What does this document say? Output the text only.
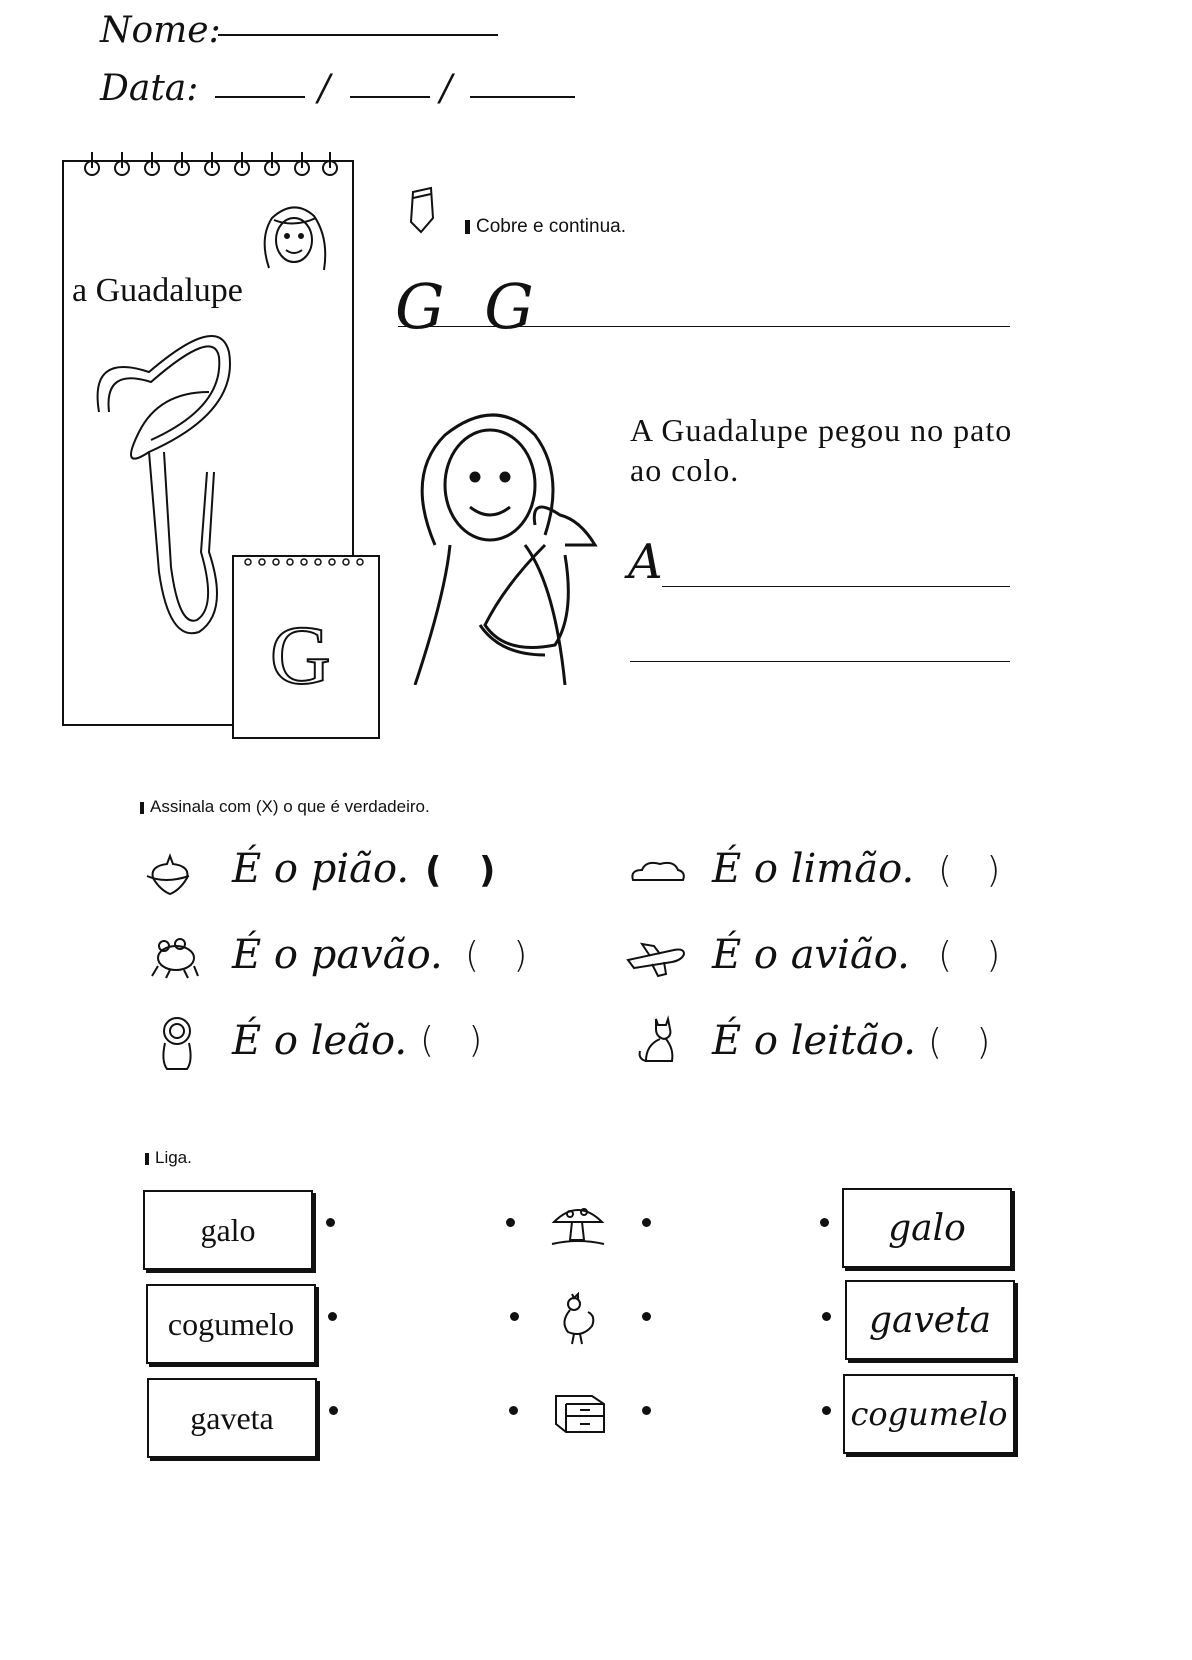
Nome:
Data:	/	/
a Guadalupe
G
Cobre e continua.
G G
A Guadalupe pegou no pato ao colo.
A
Assinala com (X) o que é verdadeiro.
É o pião. (   )
É o pavão. (   )
É o leão. (   )
É o limão. (   )
É o avião. (   )
É o leitão. (   )
Liga.
galo
cogumelo
gaveta
galo
gaveta
cogumelo
